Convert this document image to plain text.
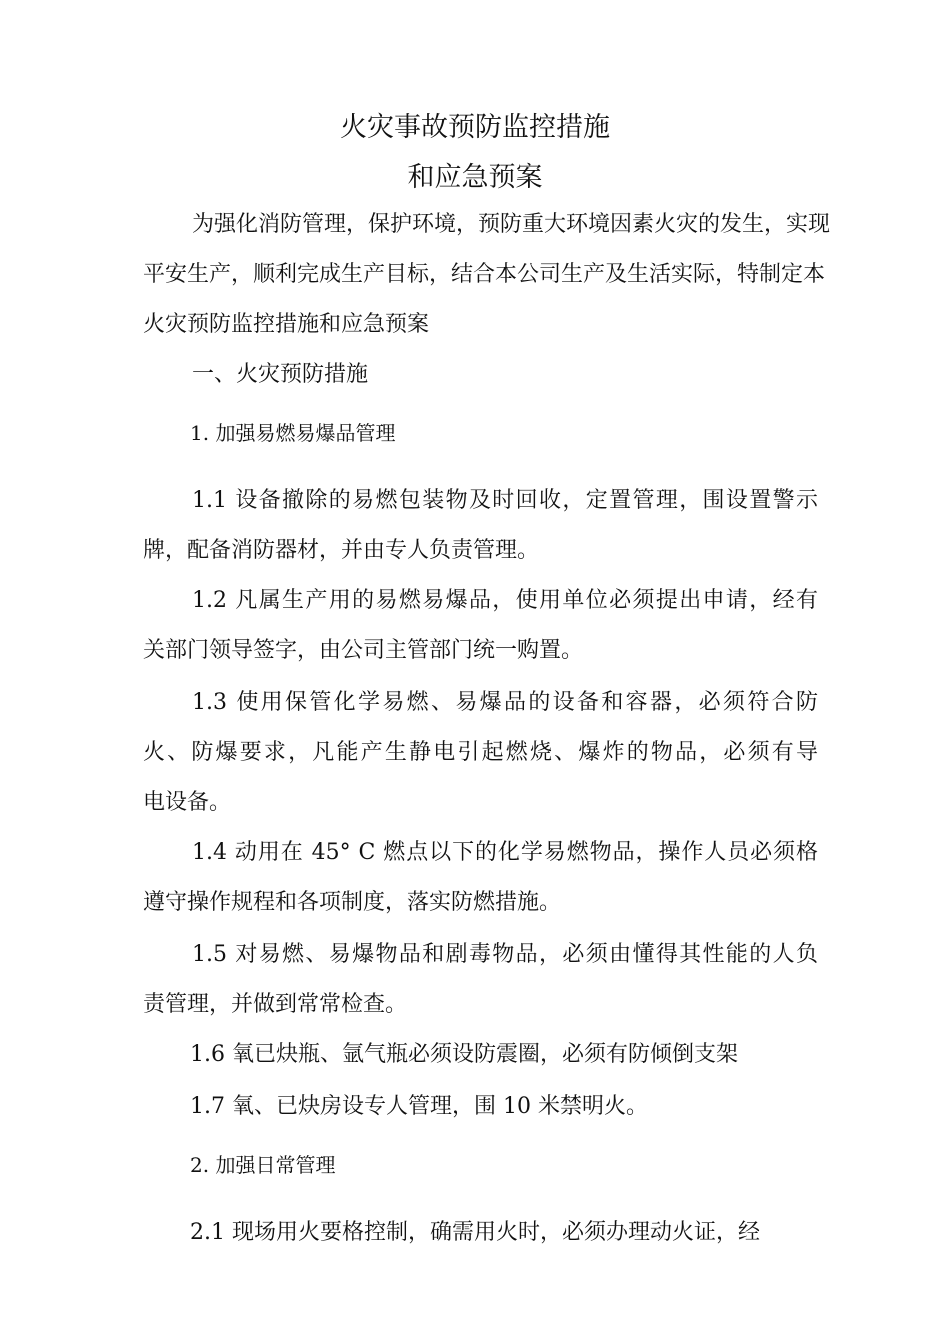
火灾事故预防监控措施
和应急预案
为强化消防管理，保护环境，预防重大环境因素火灾的发生，实现
平安生产，顺利完成生产目标，结合本公司生产及生活实际，特制定本
火灾预防监控措施和应急预案
一、火灾预防措施
1. 加强易燃易爆品管理
1.1 设备撤除的易燃包装物及时回收，定置管理，围设置警示
牌，配备消防器材，并由专人负责管理。
1.2 凡属生产用的易燃易爆品，使用单位必须提出申请，经有
关部门领导签字，由公司主管部门统一购置。
1.3 使用保管化学易燃、易爆品的设备和容器，必须符合防
火、防爆要求，凡能产生静电引起燃烧、爆炸的物品，必须有导
电设备。
1.4 动用在 45° C 燃点以下的化学易燃物品，操作人员必须格
遵守操作规程和各项制度，落实防燃措施。
1.5 对易燃、易爆物品和剧毒物品，必须由懂得其性能的人负
责管理，并做到常常检查。
1.6 氧已炔瓶、氩气瓶必须设防震圈，必须有防倾倒支架
1.7 氧、已炔房设专人管理，围 10 米禁明火。
2. 加强日常管理
2.1 现场用火要格控制，确需用火时，必须办理动火证，经
